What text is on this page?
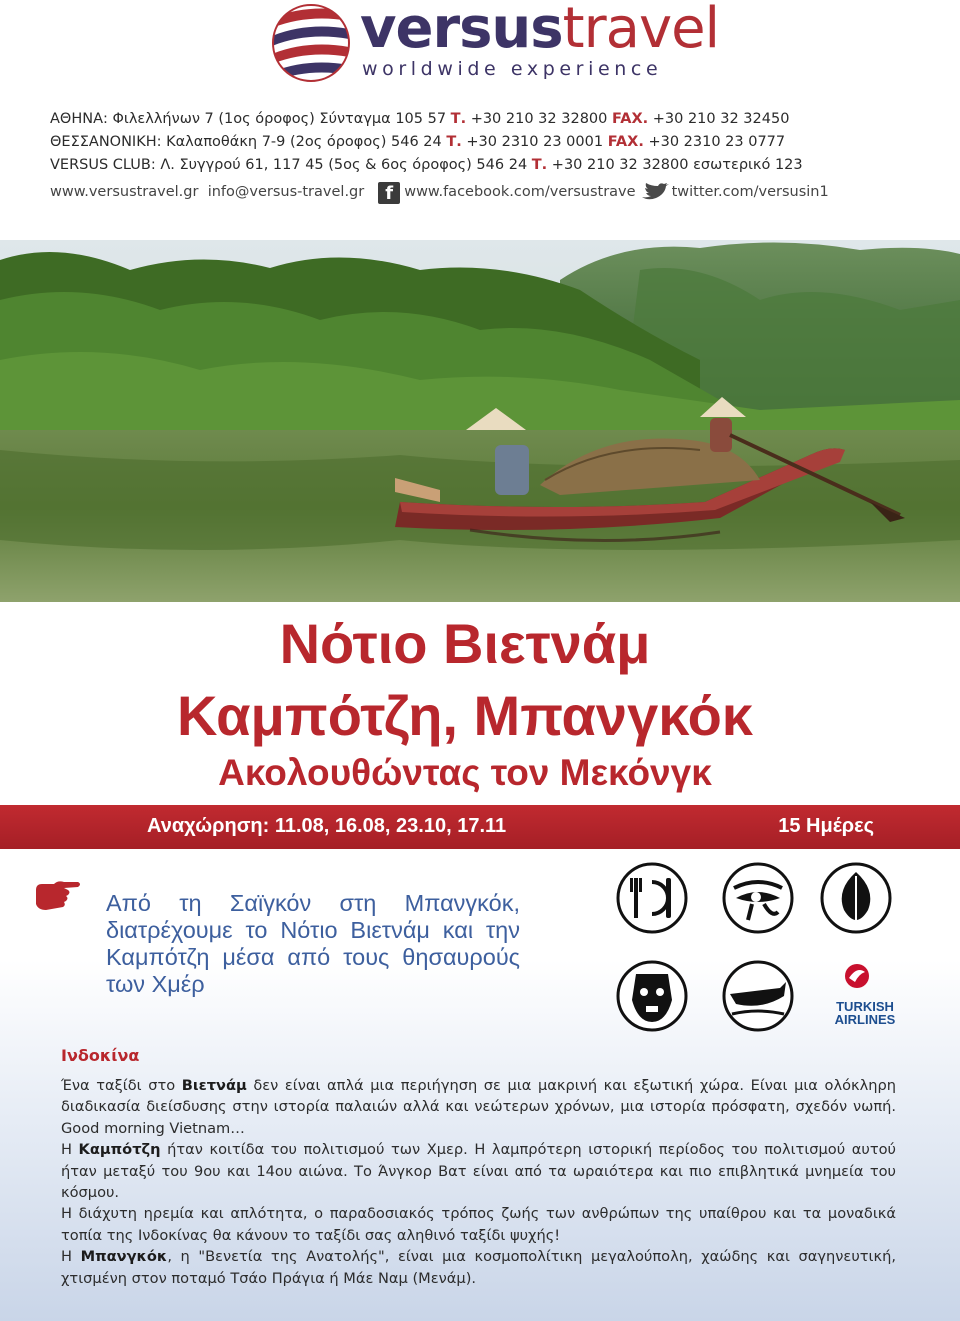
versustravel
worldwide experience
ΑΘΗΝΑ: Φιλελλήνων 7 (1ος όροφος) Σύνταγμα 105 57 Τ. +30 210 32 32800 FAX. +30 210 32 32450
ΘΕΣΣΑΝΟΝΙΚΗ: Καλαποθάκη 7-9 (2ος όροφος) 546 24 Τ. +30 2310 23 0001 FAX. +30 2310 23 0777
VERSUS CLUB: Λ. Συγγρού 61, 117 45 (5ος & 6ος όροφος) 546 24 Τ. +30 210 32 32800 εσωτερικό 123
www.versustravel.gr
info@versus-travel.gr	f www.facebook.com/versustrave twitter.com/versusin1
Νότιο Βιετνάμ
Καμπότζη, Μπανγκόκ
Ακολουθώντας τον Μεκόνγκ
Αναχώρηση: 11.08, 16.08, 23.10, 17.11	15 Ημέρες
Από τη Σαϊγκόν στη Μπανγκόκ, διατρέχουμε το Νότιο Βιετνάμ και την Καμπότζη μέσα από τους θησαυρούς των Χμέρ
TURKISH
AIRLINES
Ινδοκίνα

Ένα ταξίδι στο Βιετνάμ δεν είναι απλά μια περιήγηση σε μια μακρινή και εξωτική χώρα. Είναι μια ολόκληρη διαδικασία διείσδυσης στην ιστορία παλαιών αλλά και νεώτερων χρόνων, μια ιστορία πρόσφατη, σχεδόν νωπή. Good morning Vietnam…

Η Καμπότζη ήταν κοιτίδα του πολιτισμού των Χμερ. Η λαμπρότερη ιστορική περίοδος του πολιτισμού αυτού ήταν μεταξύ του 9ου και 14ου αιώνα. Το Άνγκορ Βατ είναι από τα ωραιότερα και πιο επιβλητικά μνημεία του κόσμου.

Η διάχυτη ηρεμία και απλότητα, ο παραδοσιακός τρόπος ζωής των ανθρώπων της υπαίθρου και τα μοναδικά τοπία της Ινδοκίνας θα κάνουν το ταξίδι σας αληθινό ταξίδι ψυχής!

Η Μπανγκόκ, η "Βενετία της Ανατολής", είναι μια κοσμοπολίτικη μεγαλούπολη, χαώδης και σαγηνευτική, χτισμένη στον ποταμό Τσάο Πράγια ή Μάε Ναμ (Μενάμ).
